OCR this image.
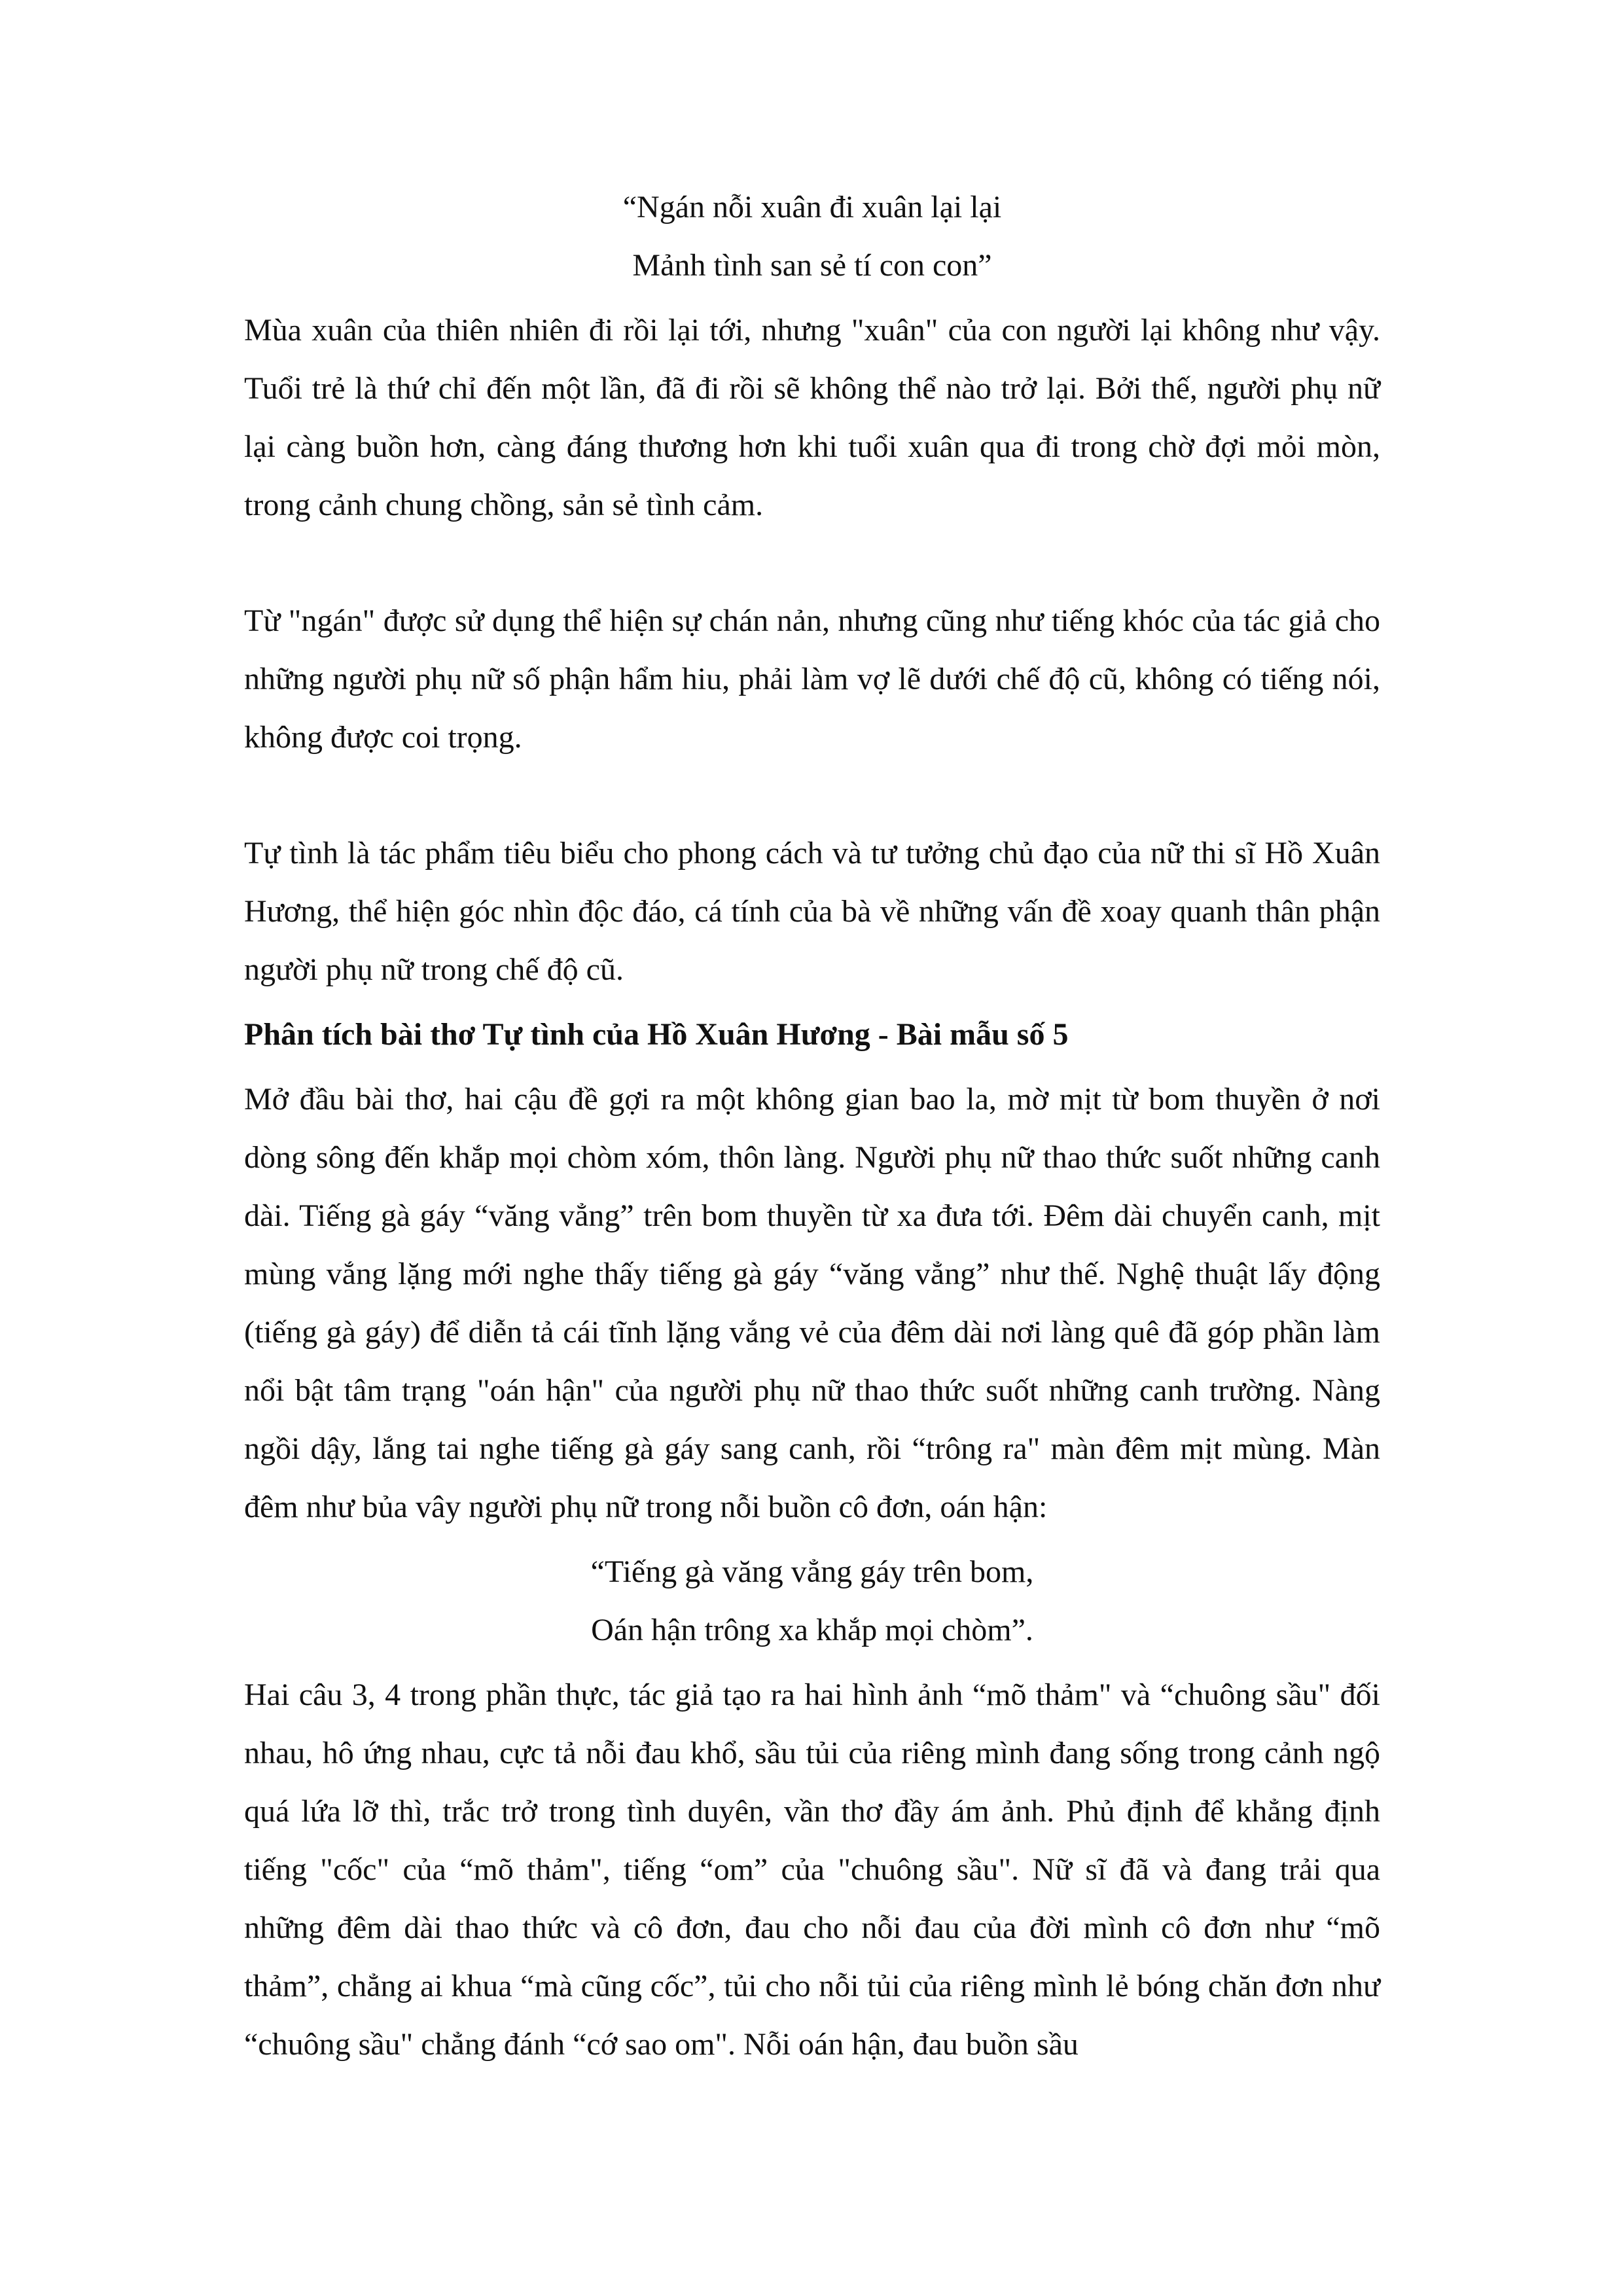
“Ngán nỗi xuân đi xuân lại lại
Mảnh tình san sẻ tí con con”

Mùa xuân của thiên nhiên đi rồi lại tới, nhưng "xuân" của con người lại không như vậy. Tuổi trẻ là thứ chỉ đến một lần, đã đi rồi sẽ không thể nào trở lại. Bởi thế, người phụ nữ lại càng buồn hơn, càng đáng thương hơn khi tuổi xuân qua đi trong chờ đợi mỏi mòn, trong cảnh chung chồng, sản sẻ tình cảm.

Từ "ngán" được sử dụng thể hiện sự chán nản, nhưng cũng như tiếng khóc của tác giả cho những người phụ nữ số phận hẩm hiu, phải làm vợ lẽ dưới chế độ cũ, không có tiếng nói, không được coi trọng.

Tự tình là tác phẩm tiêu biểu cho phong cách và tư tưởng chủ đạo của nữ thi sĩ Hồ Xuân Hương, thể hiện góc nhìn độc đáo, cá tính của bà về những vấn đề xoay quanh thân phận người phụ nữ trong chế độ cũ.

Phân tích bài thơ Tự tình của Hồ Xuân Hương - Bài mẫu số 5

Mở đầu bài thơ, hai cậu đề gợi ra một không gian bao la, mờ mịt từ bom thuyền ở nơi dòng sông đến khắp mọi chòm xóm, thôn làng. Người phụ nữ thao thức suốt những canh dài. Tiếng gà gáy “văng vẳng” trên bom thuyền từ xa đưa tới. Đêm dài chuyển canh, mịt mùng vắng lặng mới nghe thấy tiếng gà gáy “văng vẳng” như thế. Nghệ thuật lấy động (tiếng gà gáy) để diễn tả cái tĩnh lặng vắng vẻ của đêm dài nơi làng quê đã góp phần làm nổi bật tâm trạng "oán hận" của người phụ nữ thao thức suốt những canh trường. Nàng ngồi dậy, lắng tai nghe tiếng gà gáy sang canh, rồi “trông ra" màn đêm mịt mùng. Màn đêm như bủa vây người phụ nữ trong nỗi buồn cô đơn, oán hận:

“Tiếng gà văng vẳng gáy trên bom,
Oán hận trông xa khắp mọi chòm”.

Hai câu 3, 4 trong phần thực, tác giả tạo ra hai hình ảnh “mõ thảm" và “chuông sầu" đối nhau, hô ứng nhau, cực tả nỗi đau khổ, sầu tủi của riêng mình đang sống trong cảnh ngộ quá lứa lỡ thì, trắc trở trong tình duyên, vần thơ đầy ám ảnh. Phủ định để khẳng định tiếng "cốc" của “mõ thảm", tiếng “om” của "chuông sầu". Nữ sĩ đã và đang trải qua những đêm dài thao thức và cô đơn, đau cho nỗi đau của đời mình cô đơn như “mõ thảm”, chẳng ai khua “mà cũng cốc”, tủi cho nỗi tủi của riêng mình lẻ bóng chăn đơn như “chuông sầu" chẳng đánh “cớ sao om". Nỗi oán hận, đau buồn sầu
